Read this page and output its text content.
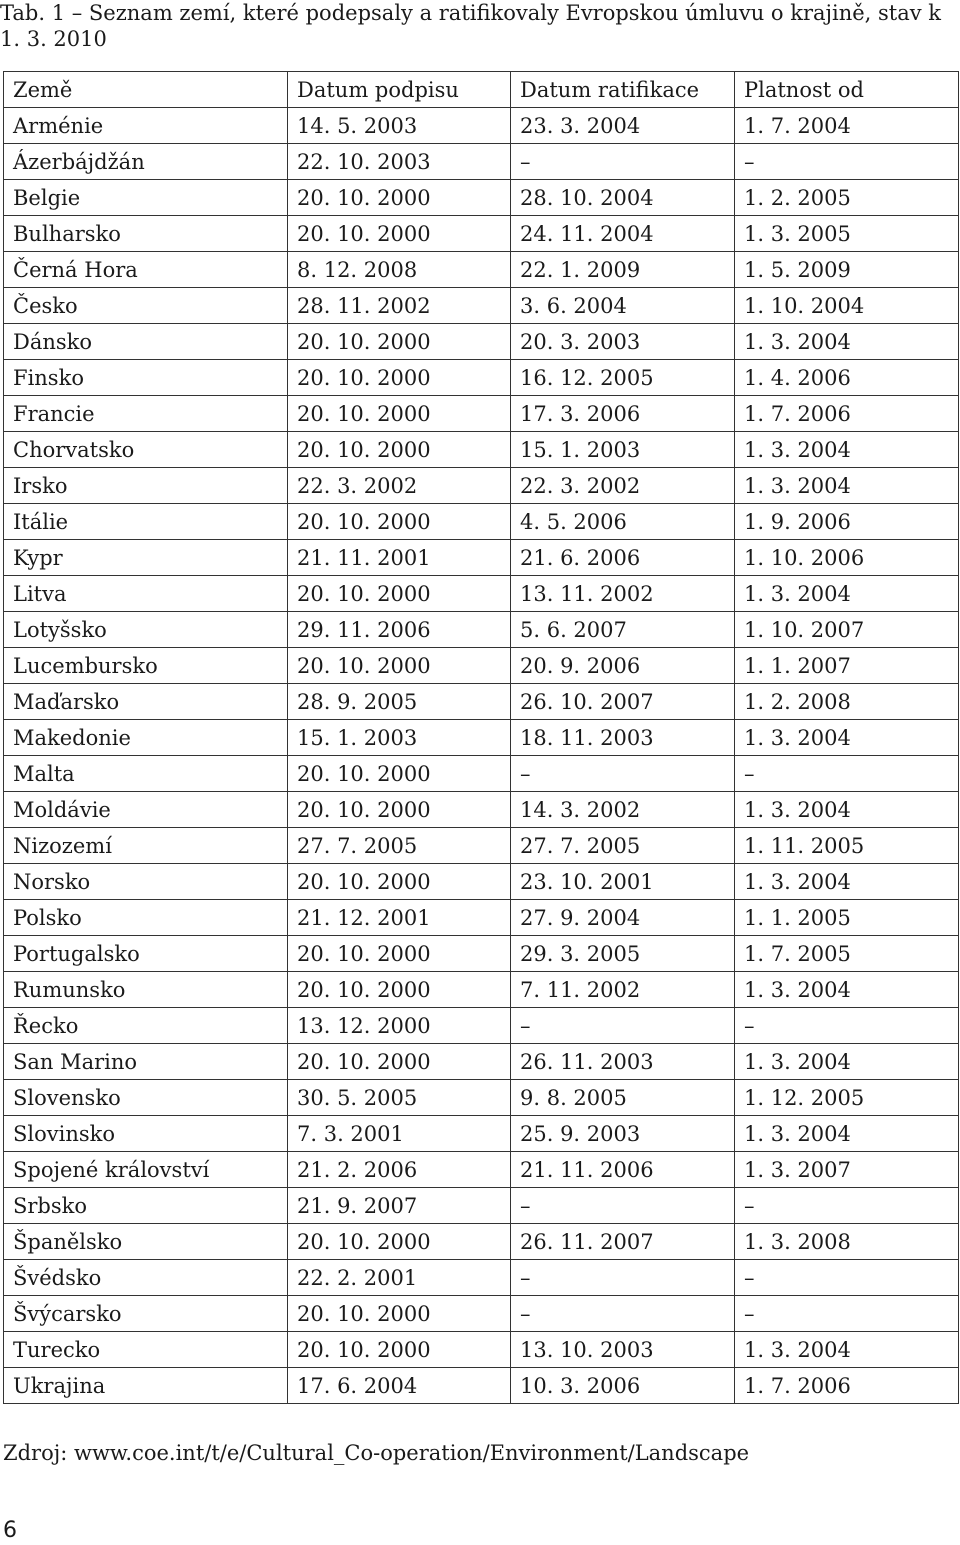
Tab. 1 – Seznam zemí, které podepsaly a ratifikovaly Evropskou úmluvu o krajině, stav k 1. 3. 2010
Země	Datum podpisu	Datum ratifikace	Platnost od
Arménie	14. 5. 2003	23. 3. 2004	1. 7. 2004
Ázerbájdžán	22. 10. 2003	–	–
Belgie	20. 10. 2000	28. 10. 2004	1. 2. 2005
Bulharsko	20. 10. 2000	24. 11. 2004	1. 3. 2005
Černá Hora	8. 12. 2008	22. 1. 2009	1. 5. 2009
Česko	28. 11. 2002	3. 6. 2004	1. 10. 2004
Dánsko	20. 10. 2000	20. 3. 2003	1. 3. 2004
Finsko	20. 10. 2000	16. 12. 2005	1. 4. 2006
Francie	20. 10. 2000	17. 3. 2006	1. 7. 2006
Chorvatsko	20. 10. 2000	15. 1. 2003	1. 3. 2004
Irsko	22. 3. 2002	22. 3. 2002	1. 3. 2004
Itálie	20. 10. 2000	4. 5. 2006	1. 9. 2006
Kypr	21. 11. 2001	21. 6. 2006	1. 10. 2006
Litva	20. 10. 2000	13. 11. 2002	1. 3. 2004
Lotyšsko	29. 11. 2006	5. 6. 2007	1. 10. 2007
Lucembursko	20. 10. 2000	20. 9. 2006	1. 1. 2007
Maďarsko	28. 9. 2005	26. 10. 2007	1. 2. 2008
Makedonie	15. 1. 2003	18. 11. 2003	1. 3. 2004
Malta	20. 10. 2000	–	–
Moldávie	20. 10. 2000	14. 3. 2002	1. 3. 2004
Nizozemí	27. 7. 2005	27. 7. 2005	1. 11. 2005
Norsko	20. 10. 2000	23. 10. 2001	1. 3. 2004
Polsko	21. 12. 2001	27. 9. 2004	1. 1. 2005
Portugalsko	20. 10. 2000	29. 3. 2005	1. 7. 2005
Rumunsko	20. 10. 2000	7. 11. 2002	1. 3. 2004
Řecko	13. 12. 2000	–	–
San Marino	20. 10. 2000	26. 11. 2003	1. 3. 2004
Slovensko	30. 5. 2005	9. 8. 2005	1. 12. 2005
Slovinsko	7. 3. 2001	25. 9. 2003	1. 3. 2004
Spojené království	21. 2. 2006	21. 11. 2006	1. 3. 2007
Srbsko	21. 9. 2007	–	–
Španělsko	20. 10. 2000	26. 11. 2007	1. 3. 2008
Švédsko	22. 2. 2001	–	–
Švýcarsko	20. 10. 2000	–	–
Turecko	20. 10. 2000	13. 10. 2003	1. 3. 2004
Ukrajina	17. 6. 2004	10. 3. 2006	1. 7. 2006
Zdroj: www.coe.int/t/e/Cultural_Co-operation/Environment/Landscape
6
